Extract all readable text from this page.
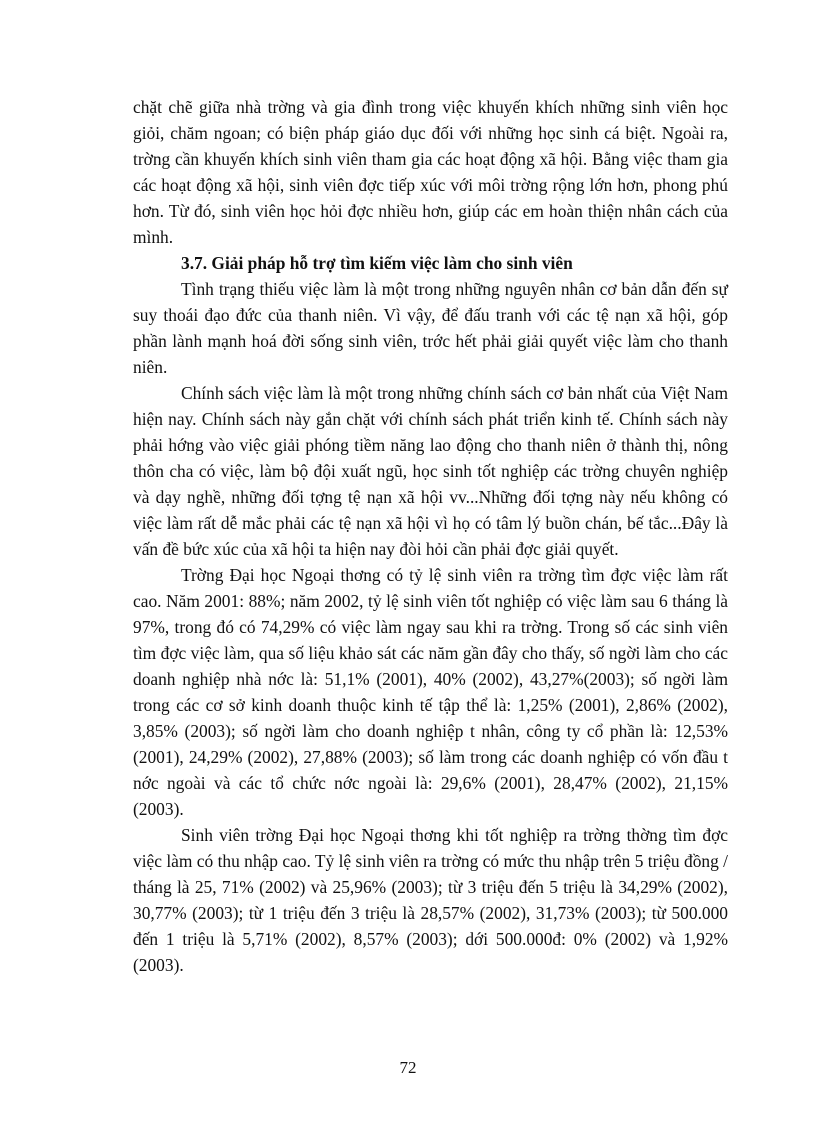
chặt chẽ giữa nhà trờng và gia đình trong việc khuyến khích những sinh viên học giỏi, chăm ngoan; có biện pháp giáo dục đối với những học sinh cá biệt. Ngoài ra, trờng cần khuyến khích sinh viên tham gia các hoạt động xã hội. Bằng việc tham gia các hoạt động xã hội, sinh viên đợc tiếp xúc với môi trờng rộng lớn hơn, phong phú hơn. Từ đó, sinh viên học hỏi đợc nhiều hơn, giúp các em hoàn thiện nhân cách của mình.

3.7. Giải pháp hỗ trợ tìm kiếm việc làm cho sinh viên

Tình trạng thiếu việc làm là một trong những nguyên nhân cơ bản dẫn đến sự suy thoái đạo đức của thanh niên. Vì vậy, để đấu tranh với các tệ nạn xã hội, góp phần lành mạnh hoá đời sống sinh viên, trớc hết phải giải quyết việc làm cho thanh niên.

Chính sách việc làm là một trong những chính sách cơ bản nhất của Việt Nam hiện nay. Chính sách này gắn chặt với chính sách phát triển kinh tế. Chính sách này phải hớng vào việc giải phóng tiềm năng lao động cho thanh niên ở thành thị, nông thôn cha có việc, làm bộ đội xuất ngũ, học sinh tốt nghiệp các trờng chuyên nghiệp và dạy nghề, những đối tợng tệ nạn xã hội vv...Những đối tợng này nếu không có việc làm rất dễ mắc phải các tệ nạn xã hội vì họ có tâm lý buồn chán, bế tắc...Đây là vấn đề bức xúc của xã hội ta hiện nay đòi hỏi cần phải đợc giải quyết.

Trờng Đại học Ngoại thơng có tỷ lệ sinh viên ra trờng tìm đợc việc làm rất cao. Năm 2001: 88%; năm 2002, tỷ lệ sinh viên tốt nghiệp có việc làm sau 6 tháng là 97%, trong đó có 74,29% có việc làm ngay sau khi ra trờng. Trong số các sinh viên tìm đợc việc làm, qua số liệu khảo sát các năm gần đây cho thấy, số ngời làm cho các doanh nghiệp nhà nớc là: 51,1% (2001), 40% (2002), 43,27%(2003); số ngời làm trong các cơ sở kinh doanh thuộc kinh tế tập thể là: 1,25% (2001), 2,86% (2002), 3,85% (2003); số ngời làm cho doanh nghiệp t nhân, công ty cổ phần là: 12,53% (2001), 24,29% (2002), 27,88% (2003); số làm trong các doanh nghiệp có vốn đầu t nớc ngoài và các tổ chức nớc ngoài là: 29,6% (2001), 28,47% (2002), 21,15% (2003).

Sinh viên trờng Đại học Ngoại thơng khi tốt nghiệp ra trờng thờng tìm đợc việc làm có thu nhập cao. Tỷ lệ sinh viên ra trờng có mức thu nhập trên 5 triệu đồng / tháng là 25, 71% (2002) và 25,96% (2003); từ 3 triệu đến 5 triệu là 34,29% (2002), 30,77% (2003); từ 1 triệu đến 3 triệu là 28,57% (2002), 31,73% (2003); từ 500.000 đến 1 triệu là 5,71% (2002), 8,57% (2003); dới 500.000đ: 0% (2002) và 1,92% (2003).

72
